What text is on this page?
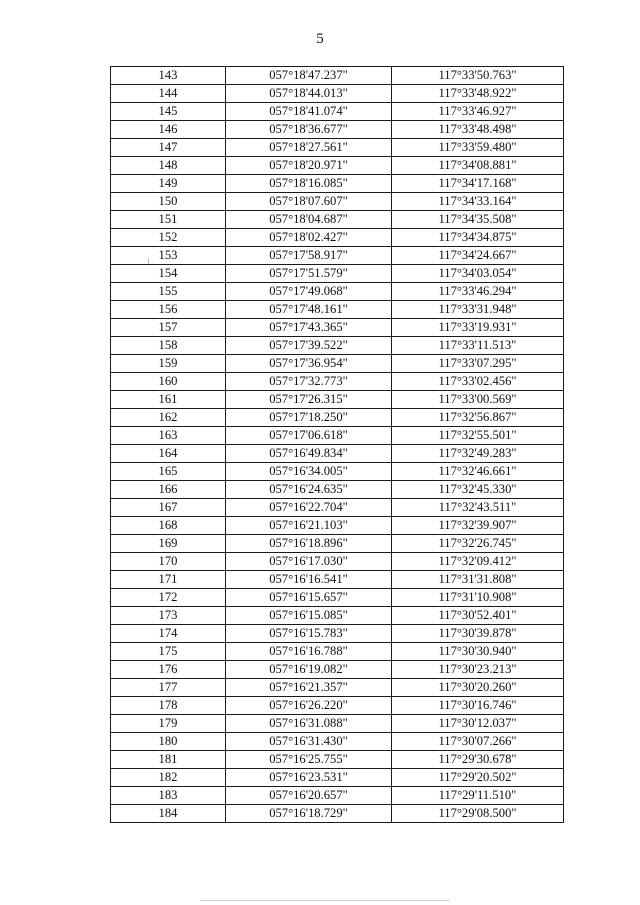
5
143	057°18'47.237"	117°33'50.763"
144	057°18'44.013"	117°33'48.922"
145	057°18'41.074"	117°33'46.927"
146	057°18'36.677"	117°33'48.498"
147	057°18'27.561"	117°33'59.480"
148	057°18'20.971"	117°34'08.881"
149	057°18'16.085"	117°34'17.168"
150	057°18'07.607"	117°34'33.164"
151	057°18'04.687"	117°34'35.508"
152	057°18'02.427"	117°34'34.875"
153	057°17'58.917"	117°34'24.667"
154	057°17'51.579"	117°34'03.054"
155	057°17'49.068"	117°33'46.294"
156	057°17'48.161"	117°33'31.948"
157	057°17'43.365"	117°33'19.931"
158	057°17'39.522"	117°33'11.513"
159	057°17'36.954"	117°33'07.295"
160	057°17'32.773"	117°33'02.456"
161	057°17'26.315"	117°33'00.569"
162	057°17'18.250"	117°32'56.867"
163	057°17'06.618"	117°32'55.501"
164	057°16'49.834"	117°32'49.283"
165	057°16'34.005"	117°32'46.661"
166	057°16'24.635"	117°32'45.330"
167	057°16'22.704"	117°32'43.511"
168	057°16'21.103"	117°32'39.907"
169	057°16'18.896"	117°32'26.745"
170	057°16'17.030"	117°32'09.412"
171	057°16'16.541"	117°31'31.808"
172	057°16'15.657"	117°31'10.908"
173	057°16'15.085"	117°30'52.401"
174	057°16'15.783"	117°30'39.878"
175	057°16'16.788"	117°30'30.940"
176	057°16'19.082"	117°30'23.213"
177	057°16'21.357"	117°30'20.260"
178	057°16'26.220"	117°30'16.746"
179	057°16'31.088"	117°30'12.037"
180	057°16'31.430"	117°30'07.266"
181	057°16'25.755"	117°29'30.678"
182	057°16'23.531"	117°29'20.502"
183	057°16'20.657"	117°29'11.510"
184	057°16'18.729"	117°29'08.500"
